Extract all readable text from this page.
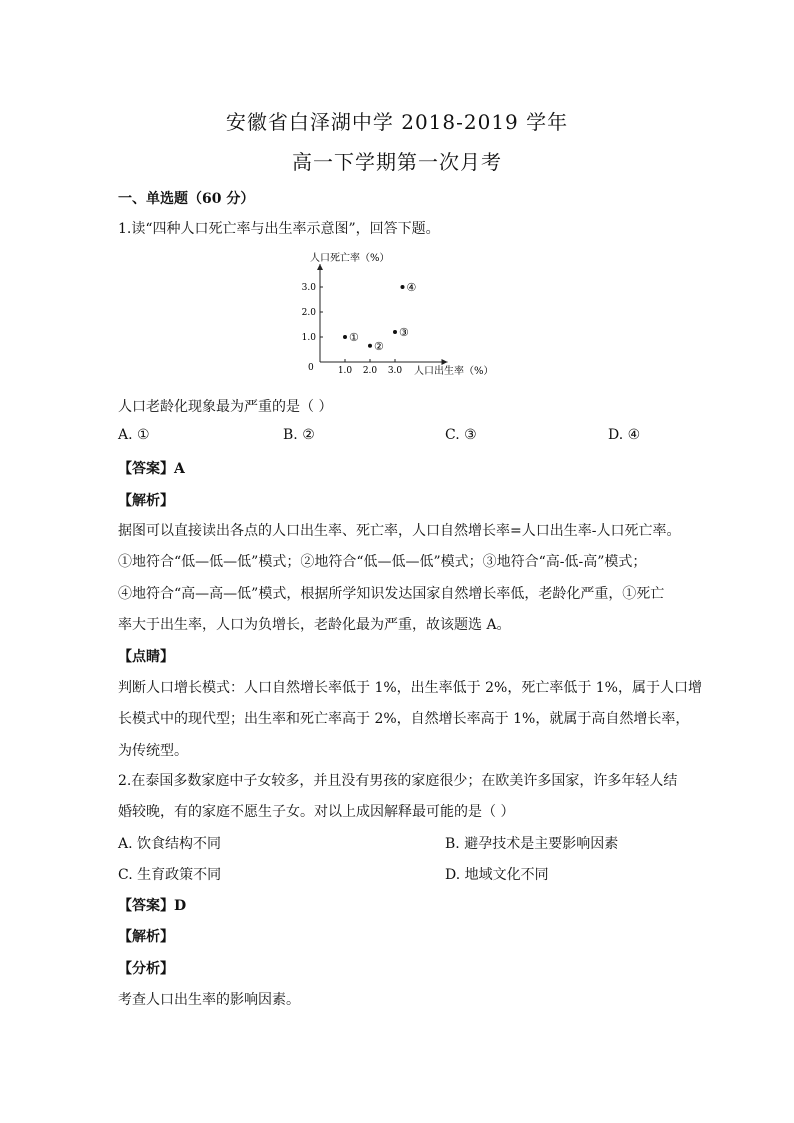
安徽省白泽湖中学 2018-2019 学年
高一下学期第一次月考
一、单选题（60 分）
1.读“四种人口死亡率与出生率示意图”，回答下题。
1.0 2.0 3.0
1.0
2.0
3.0
①
②
③
④
人口死亡率（%）
人口出生率（%）
0
人口老龄化现象最为严重的是（ ）
A. ①	B. ②	C. ③	D. ④
【答案】A
【解析】
据图可以直接读出各点的人口出生率、死亡率，人口自然增长率=人口出生率-人口死亡率。
①地符合“低—低—低”模式；②地符合“低—低—低”模式；③地符合“高-低-高”模式；
④地符合“高—高—低”模式，根据所学知识发达国家自然增长率低，老龄化严重，①死亡
率大于出生率，人口为负增长，老龄化最为严重，故该题选 A。
【点睛】
判断人口增长模式：人口自然增长率低于 1%，出生率低于 2%，死亡率低于 1%，属于人口增
长模式中的现代型；出生率和死亡率高于 2%，自然增长率高于 1%，就属于高自然增长率，
为传统型。
2.在泰国多数家庭中子女较多，并且没有男孩的家庭很少；在欧美许多国家，许多年轻人结
婚较晚，有的家庭不愿生子女。对以上成因解释最可能的是（ ）
A. 饮食结构不同	B. 避孕技术是主要影响因素
C. 生育政策不同	D. 地域文化不同
【答案】D
【解析】
【分析】
考查人口出生率的影响因素。
